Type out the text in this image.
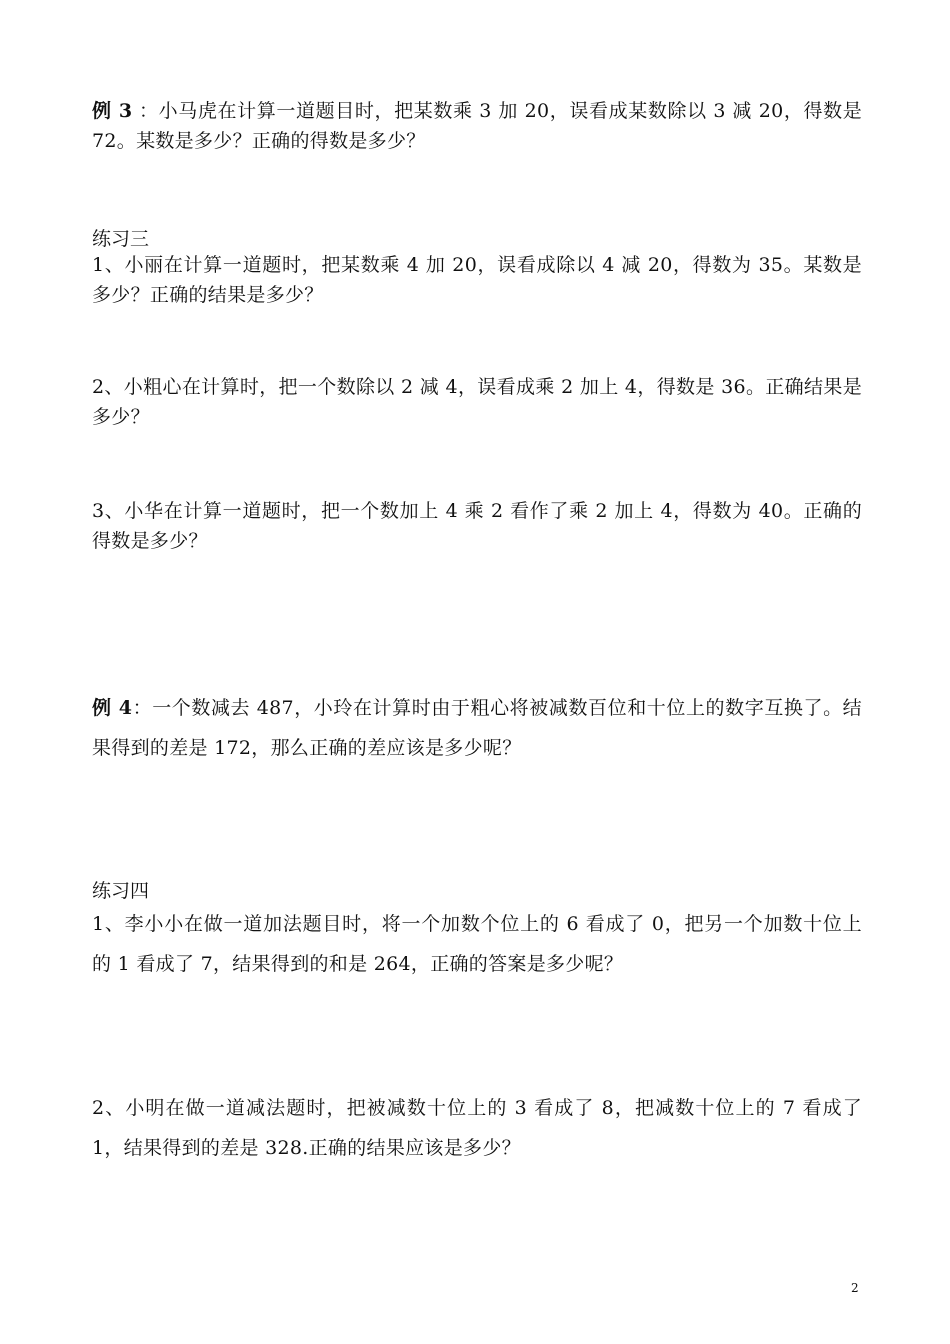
例 3 ：小马虎在计算一道题目时，把某数乘 3 加 20，误看成某数除以 3 减 20，得数是 72。某数是多少？正确的得数是多少？
练习三
1、小丽在计算一道题时，把某数乘 4 加 20，误看成除以 4 减 20，得数为 35。某数是多少？正确的结果是多少？
2、小粗心在计算时，把一个数除以 2 减 4，误看成乘 2 加上 4，得数是 36。正确结果是多少？
3、小华在计算一道题时，把一个数加上 4 乘 2 看作了乘 2 加上 4，得数为 40。正确的得数是多少？
例 4：一个数减去 487，小玲在计算时由于粗心将被减数百位和十位上的数字互换了。结果得到的差是 172，那么正确的差应该是多少呢？
练习四
1、李小小在做一道加法题目时，将一个加数个位上的 6 看成了 0，把另一个加数十位上的 1 看成了 7，结果得到的和是 264，正确的答案是多少呢？
2、小明在做一道减法题时，把被减数十位上的 3 看成了 8，把减数十位上的 7 看成了 1，结果得到的差是 328.正确的结果应该是多少？
2
